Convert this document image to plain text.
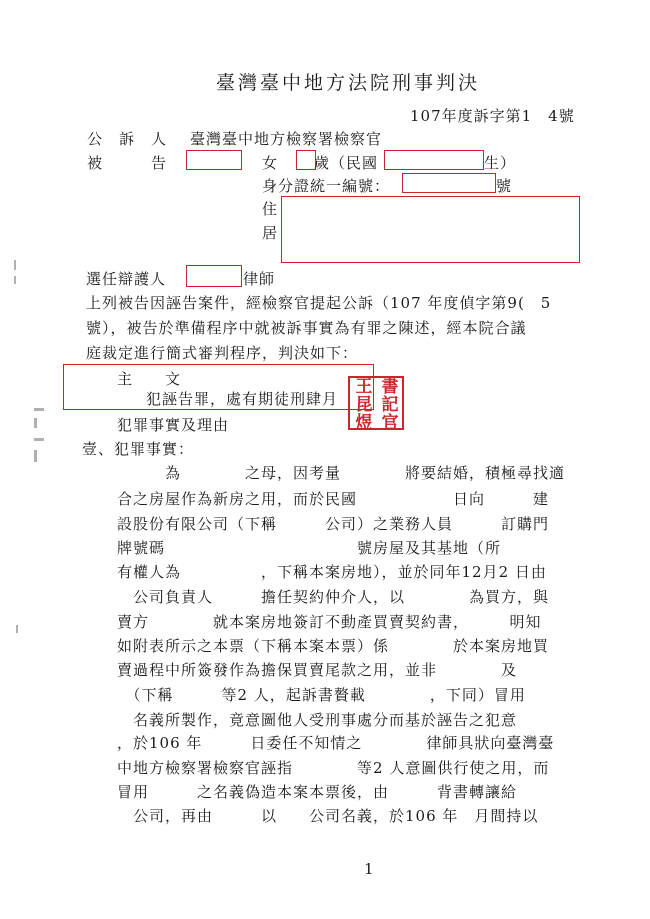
臺灣臺中地方法院刑事判決
107年度訴字第1　4號
公　訴　人 臺灣臺中地方檢察署檢察官
被　　　告	女 歲（民國	生）
身分證統一編號：	號
住
居
選任辯護人	律師
上列被告因誣告案件，經檢察官提起公訴（107 年度偵字第9(　5
號），被告於準備程序中就被訴事實為有罪之陳述，經本院合議
庭裁定進行簡式審判程序，判決如下：
主　　文
犯誣告罪，處有期徒刑肆月
王
昆
煜
書
記
官
犯罪事實及理由
壹、犯罪事實：
　　　為　　　　之母，因考量　　　　將要結婚，積極尋找適
合之房屋作為新房之用，而於民國　　　　　　日向　　　建
設股份有限公司（下稱　　　公司）之業務人員　　　訂購門
牌號碼　　　　　　　　　　　　號房屋及其基地（所
有權人為　　　　　，下稱本案房地），並於同年12月2 日由
　公司負責人　　　擔任契約仲介人，以　　　　為買方，與
賣方　　　　就本案房地簽訂不動產買賣契約書，　　　明知
如附表所示之本票（下稱本案本票）係　　　　於本案房地買
賣過程中所簽發作為擔保買賣尾款之用，並非　　　　及
　（下稱　　　等2 人，起訴書贅載　　　　，下同）冒用
　名義所製作，竟意圖他人受刑事處分而基於誣告之犯意
，於106 年　　　日委任不知情之　　　　律師具狀向臺灣臺
中地方檢察署檢察官誣指　　　　等2 人意圖供行使之用，而
冒用　　　之名義偽造本案本票後，由　　　背書轉讓給
　公司，再由　　　以　　公司名義，於106 年　月間持以
1
